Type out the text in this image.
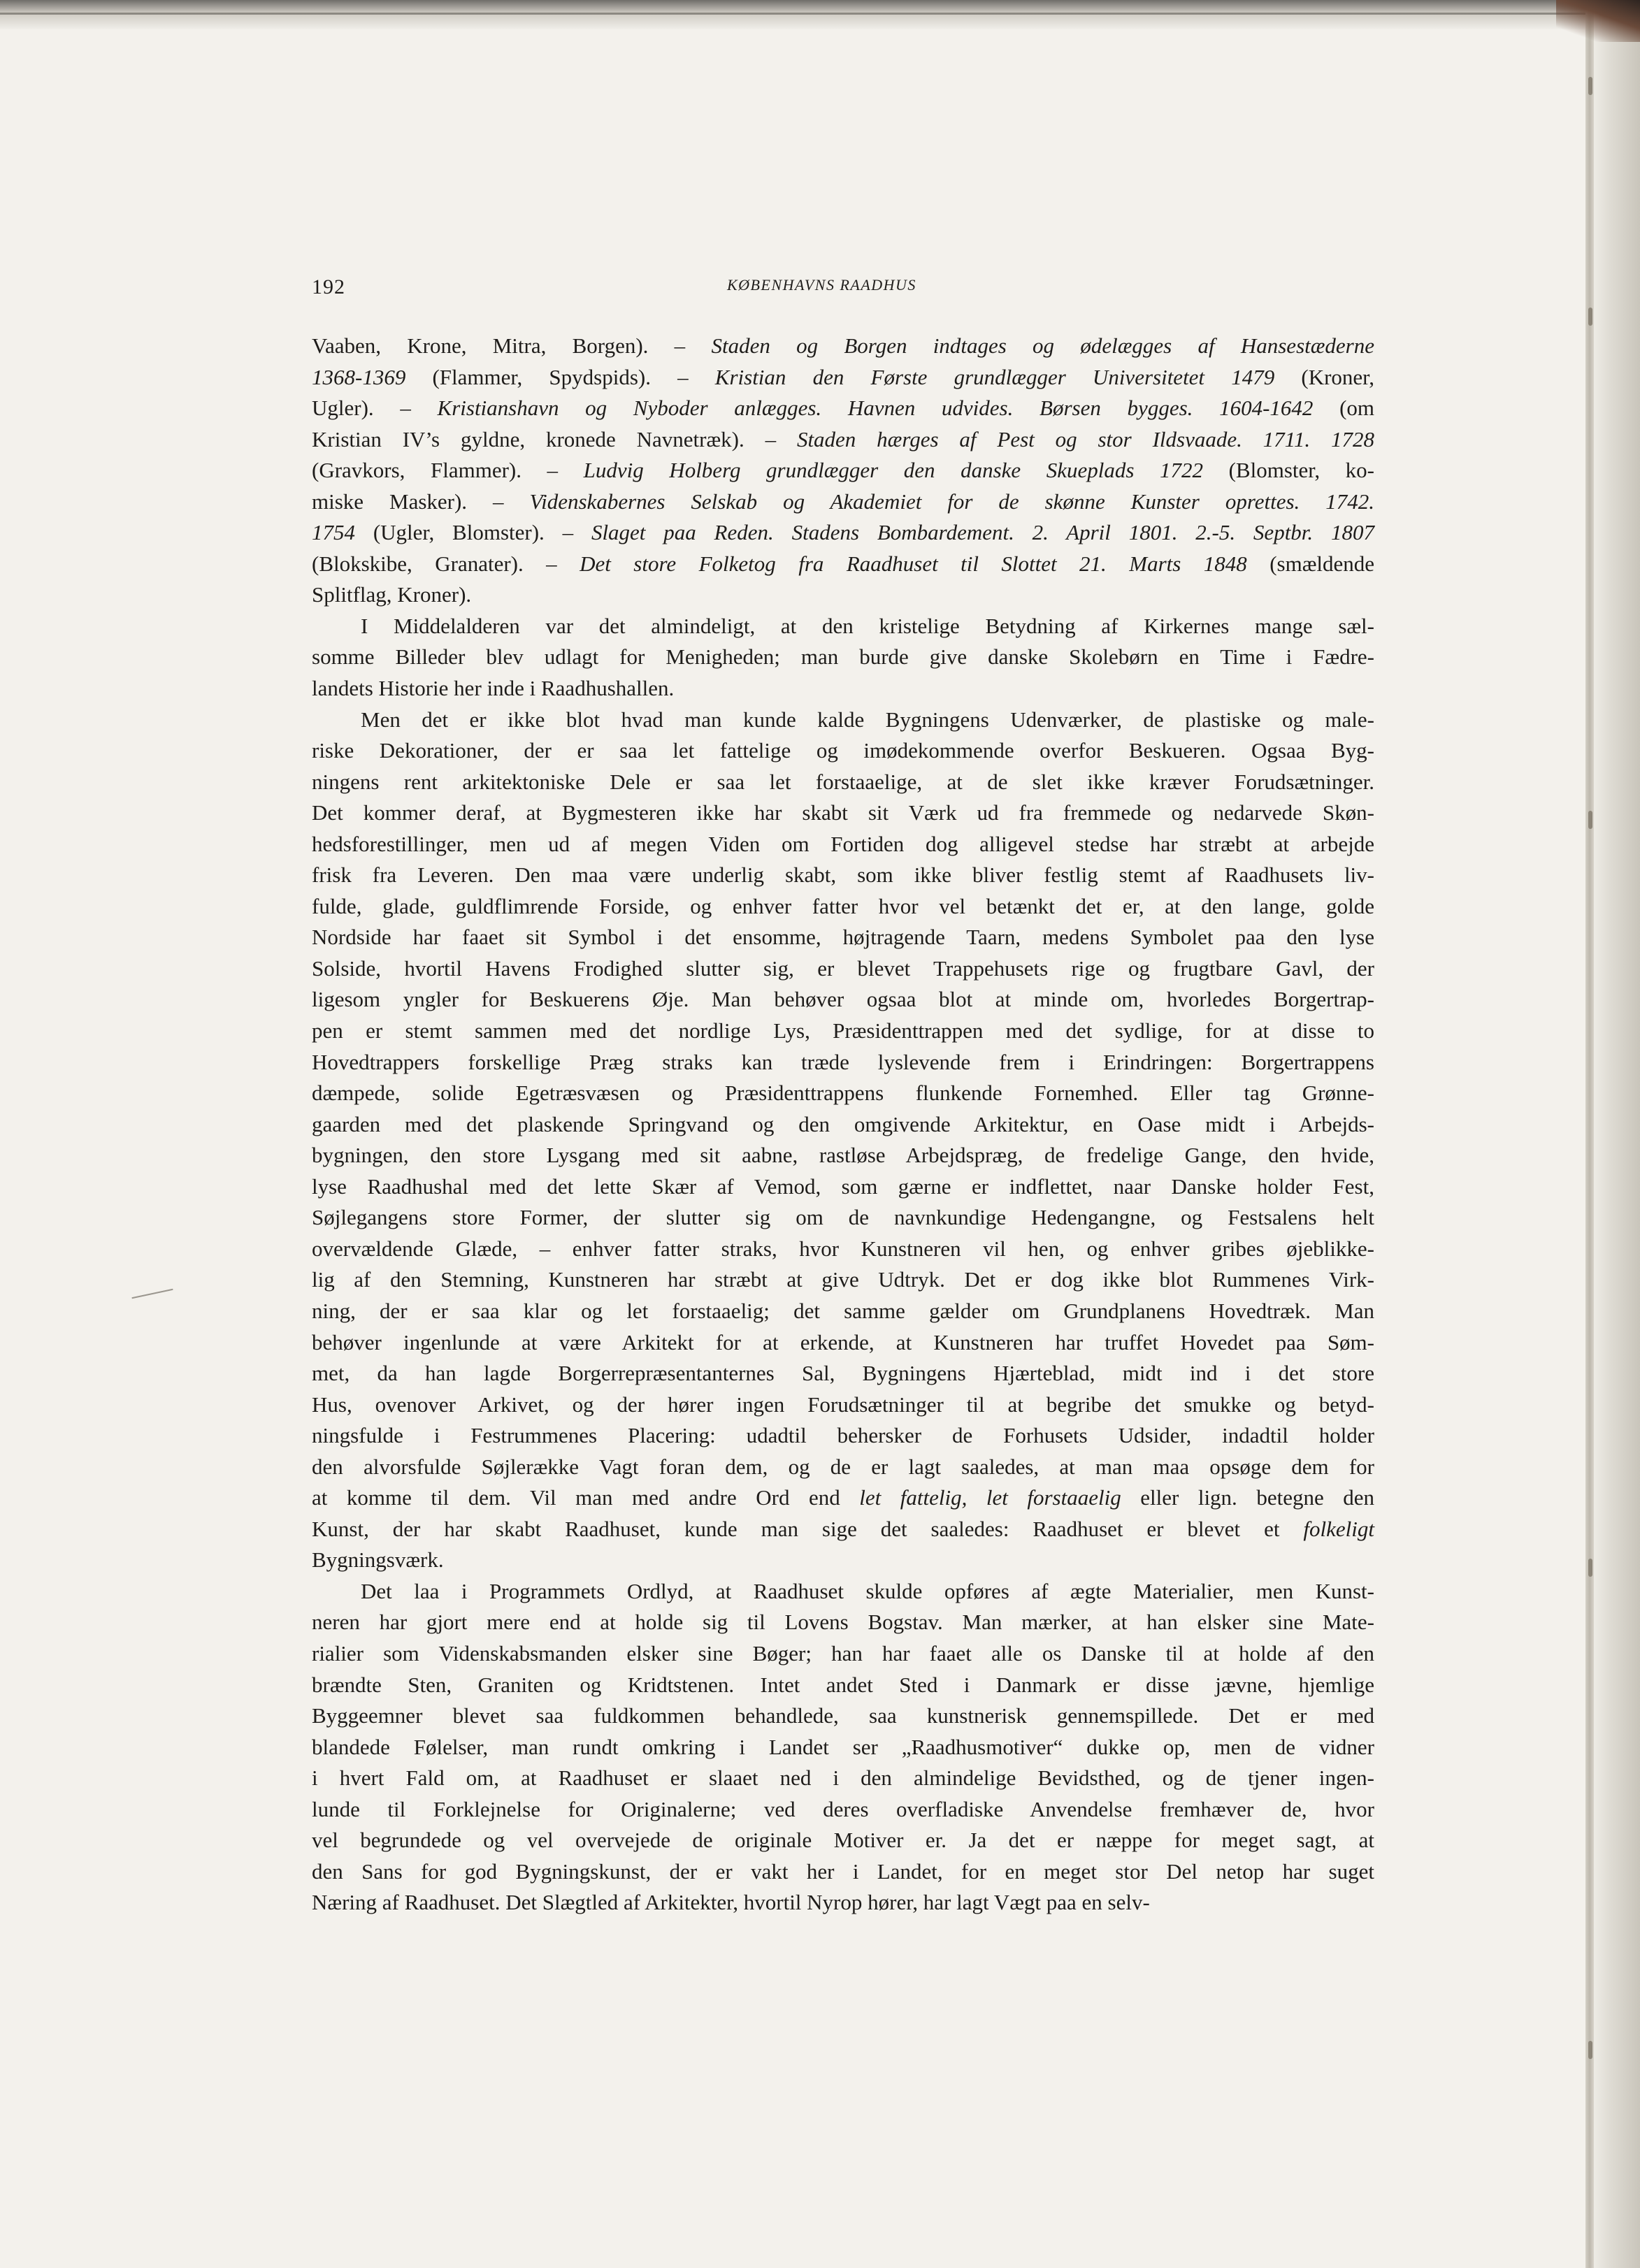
192	KØBENHAVNS RAADHUS
Vaaben, Krone, Mitra, Borgen). – Staden og Borgen indtages og ødelægges af Hansestæderne
1368-1369 (Flammer, Spydspids). – Kristian den Første grundlægger Universitetet 1479 (Kroner,
Ugler). – Kristianshavn og Nyboder anlægges. Havnen udvides. Børsen bygges. 1604-1642 (om
Kristian IV’s gyldne, kronede Navnetræk). – Staden hærges af Pest og stor Ildsvaade. 1711. 1728
(Gravkors, Flammer). – Ludvig Holberg grundlægger den danske Skueplads 1722 (Blomster, ko-
miske Masker). – Videnskabernes Selskab og Akademiet for de skønne Kunster oprettes. 1742.
1754 (Ugler, Blomster). – Slaget paa Reden. Stadens Bombardement. 2. April 1801. 2.-5. Septbr. 1807
(Blokskibe, Granater). – Det store Folketog fra Raadhuset til Slottet 21. Marts 1848 (smældende
Splitflag, Kroner).
I Middelalderen var det almindeligt, at den kristelige Betydning af Kirkernes mange sæl-
somme Billeder blev udlagt for Menigheden; man burde give danske Skolebørn en Time i Fædre-
landets Historie her inde i Raadhushallen.
Men det er ikke blot hvad man kunde kalde Bygningens Udenværker, de plastiske og male-
riske Dekorationer, der er saa let fattelige og imødekommende overfor Beskueren. Ogsaa Byg-
ningens rent arkitektoniske Dele er saa let forstaaelige, at de slet ikke kræver Forudsætninger.
Det kommer deraf, at Bygmesteren ikke har skabt sit Værk ud fra fremmede og nedarvede Skøn-
hedsforestillinger, men ud af megen Viden om Fortiden dog alligevel stedse har stræbt at arbejde
frisk fra Leveren. Den maa være underlig skabt, som ikke bliver festlig stemt af Raadhusets liv-
fulde, glade, guldflimrende Forside, og enhver fatter hvor vel betænkt det er, at den lange, golde
Nordside har faaet sit Symbol i det ensomme, højtragende Taarn, medens Symbolet paa den lyse
Solside, hvortil Havens Frodighed slutter sig, er blevet Trappehusets rige og frugtbare Gavl, der
ligesom yngler for Beskuerens Øje. Man behøver ogsaa blot at minde om, hvorledes Borgertrap-
pen er stemt sammen med det nordlige Lys, Præsidenttrappen med det sydlige, for at disse to
Hovedtrappers forskellige Præg straks kan træde lyslevende frem i Erindringen: Borgertrappens
dæmpede, solide Egetræsvæsen og Præsidenttrappens flunkende Fornemhed. Eller tag Grønne-
gaarden med det plaskende Springvand og den omgivende Arkitektur, en Oase midt i Arbejds-
bygningen, den store Lysgang med sit aabne, rastløse Arbejdspræg, de fredelige Gange, den hvide,
lyse Raadhushal med det lette Skær af Vemod, som gærne er indflettet, naar Danske holder Fest,
Søjlegangens store Former, der slutter sig om de navnkundige Hedengangne, og Festsalens helt
overvældende Glæde, – enhver fatter straks, hvor Kunstneren vil hen, og enhver gribes øjeblikke-
lig af den Stemning, Kunstneren har stræbt at give Udtryk. Det er dog ikke blot Rummenes Virk-
ning, der er saa klar og let forstaaelig; det samme gælder om Grundplanens Hovedtræk. Man
behøver ingenlunde at være Arkitekt for at erkende, at Kunstneren har truffet Hovedet paa Søm-
met, da han lagde Borgerrepræsentanternes Sal, Bygningens Hjærteblad, midt ind i det store
Hus, ovenover Arkivet, og der hører ingen Forudsætninger til at begribe det smukke og betyd-
ningsfulde i Festrummenes Placering: udadtil behersker de Forhusets Udsider, indadtil holder
den alvorsfulde Søjlerække Vagt foran dem, og de er lagt saaledes, at man maa opsøge dem for
at komme til dem. Vil man med andre Ord end let fattelig, let forstaaelig eller lign. betegne den
Kunst, der har skabt Raadhuset, kunde man sige det saaledes: Raadhuset er blevet et folkeligt
Bygningsværk.
Det laa i Programmets Ordlyd, at Raadhuset skulde opføres af ægte Materialier, men Kunst-
neren har gjort mere end at holde sig til Lovens Bogstav. Man mærker, at han elsker sine Mate-
rialier som Videnskabsmanden elsker sine Bøger; han har faaet alle os Danske til at holde af den
brændte Sten, Graniten og Kridtstenen. Intet andet Sted i Danmark er disse jævne, hjemlige
Byggeemner blevet saa fuldkommen behandlede, saa kunstnerisk gennemspillede. Det er med
blandede Følelser, man rundt omkring i Landet ser „Raadhusmotiver“ dukke op, men de vidner
i hvert Fald om, at Raadhuset er slaaet ned i den almindelige Bevidsthed, og de tjener ingen-
lunde til Forklejnelse for Originalerne; ved deres overfladiske Anvendelse fremhæver de, hvor
vel begrundede og vel overvejede de originale Motiver er. Ja det er næppe for meget sagt, at
den Sans for god Bygningskunst, der er vakt her i Landet, for en meget stor Del netop har suget
Næring af Raadhuset. Det Slægtled af Arkitekter, hvortil Nyrop hører, har lagt Vægt paa en selv-
